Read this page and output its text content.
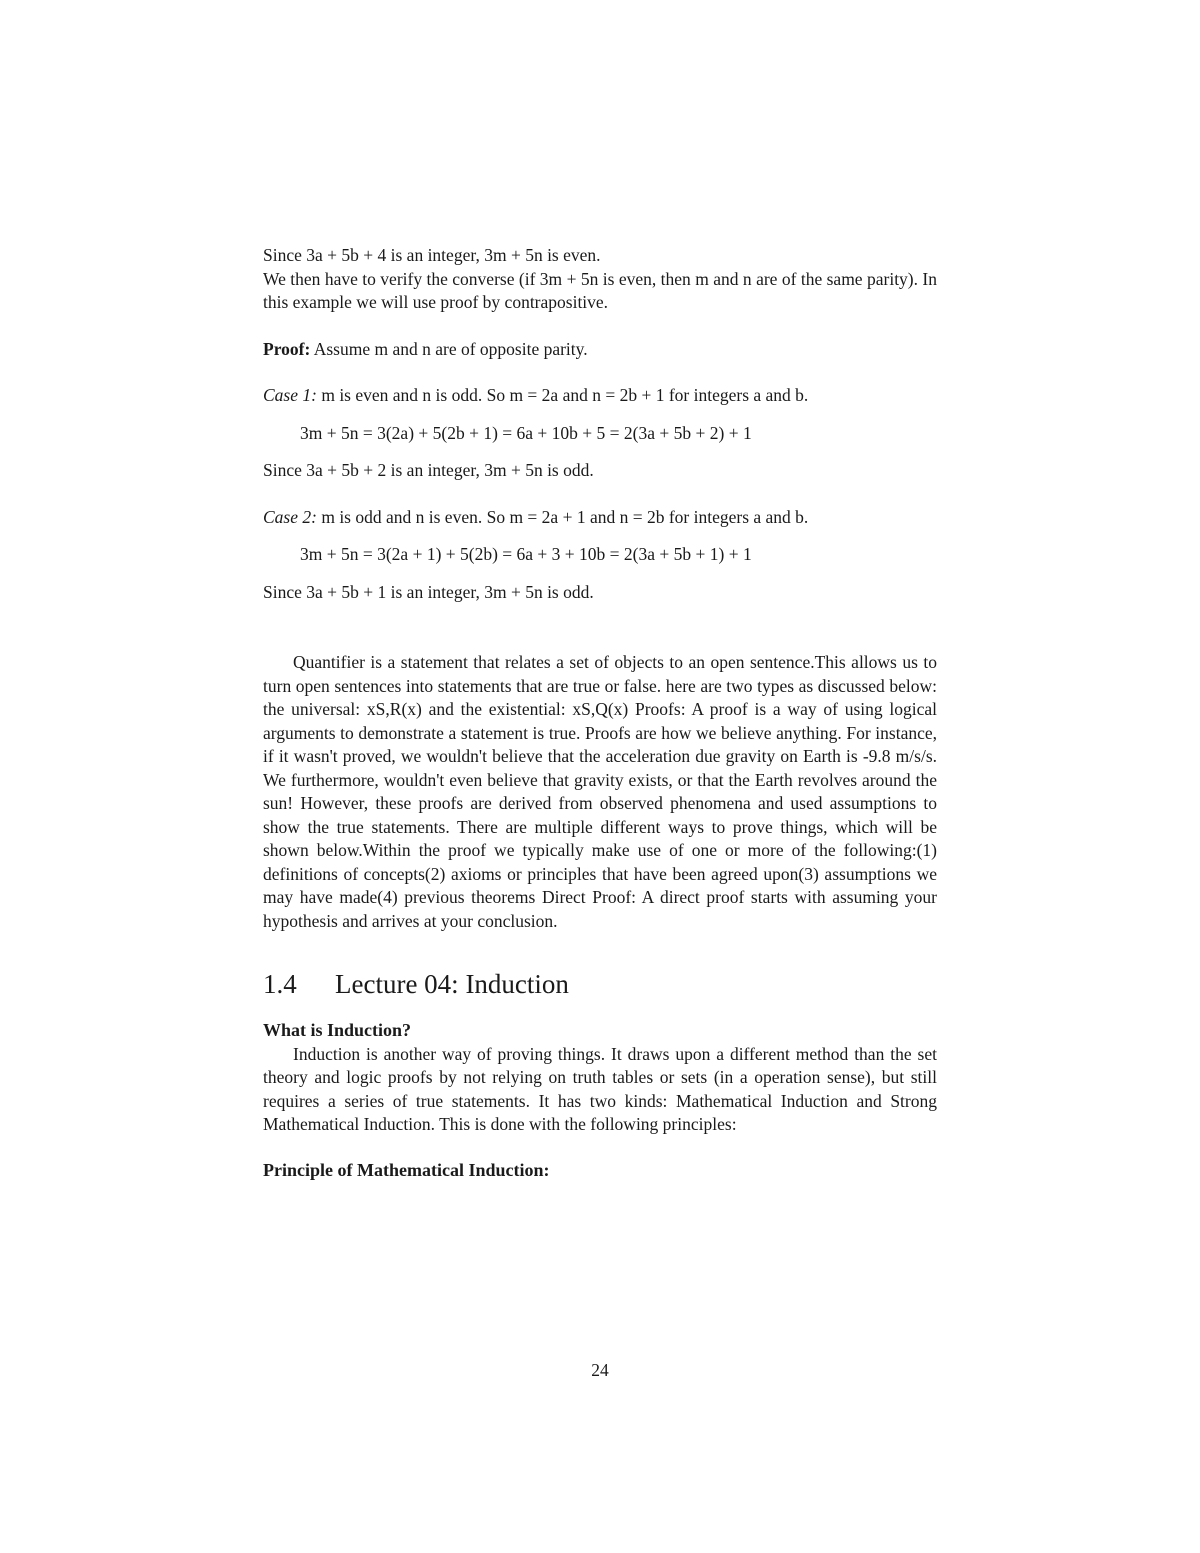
Since 3a + 5b + 4 is an integer, 3m + 5n is even.

We then have to verify the converse (if 3m + 5n is even, then m and n are of the same parity). In this example we will use proof by contrapositive.

Proof: Assume m and n are of opposite parity.

Case 1: m is even and n is odd. So m = 2a and n = 2b + 1 for integers a and b.

3m + 5n = 3(2a) + 5(2b + 1) = 6a + 10b + 5 = 2(3a + 5b + 2) + 1

Since 3a + 5b + 2 is an integer, 3m + 5n is odd.

Case 2: m is odd and n is even. So m = 2a + 1 and n = 2b for integers a and b.

3m + 5n = 3(2a + 1) + 5(2b) = 6a + 3 + 10b = 2(3a + 5b + 1) + 1

Since 3a + 5b + 1 is an integer, 3m + 5n is odd.

Quantifier is a statement that relates a set of objects to an open sentence.This allows us to turn open sentences into statements that are true or false. here are two types as discussed below: the universal: xS,R(x) and the existential: xS,Q(x) Proofs: A proof is a way of using logical arguments to demonstrate a statement is true. Proofs are how we believe anything. For instance, if it wasn't proved, we wouldn't believe that the acceleration due gravity on Earth is -9.8 m/s/s. We furthermore, wouldn't even believe that gravity exists, or that the Earth revolves around the sun! However, these proofs are derived from observed phenomena and used assumptions to show the true statements. There are multiple different ways to prove things, which will be shown below.Within the proof we typically make use of one or more of the following:(1) definitions of concepts(2) axioms or principles that have been agreed upon(3) assumptions we may have made(4) previous theorems Direct Proof: A direct proof starts with assuming your hypothesis and arrives at your conclusion.

1.4 Lecture 04: Induction

What is Induction?

Induction is another way of proving things. It draws upon a different method than the set theory and logic proofs by not relying on truth tables or sets (in a operation sense), but still requires a series of true statements. It has two kinds: Mathematical Induction and Strong Mathematical Induction. This is done with the following principles:

Principle of Mathematical Induction:

24
